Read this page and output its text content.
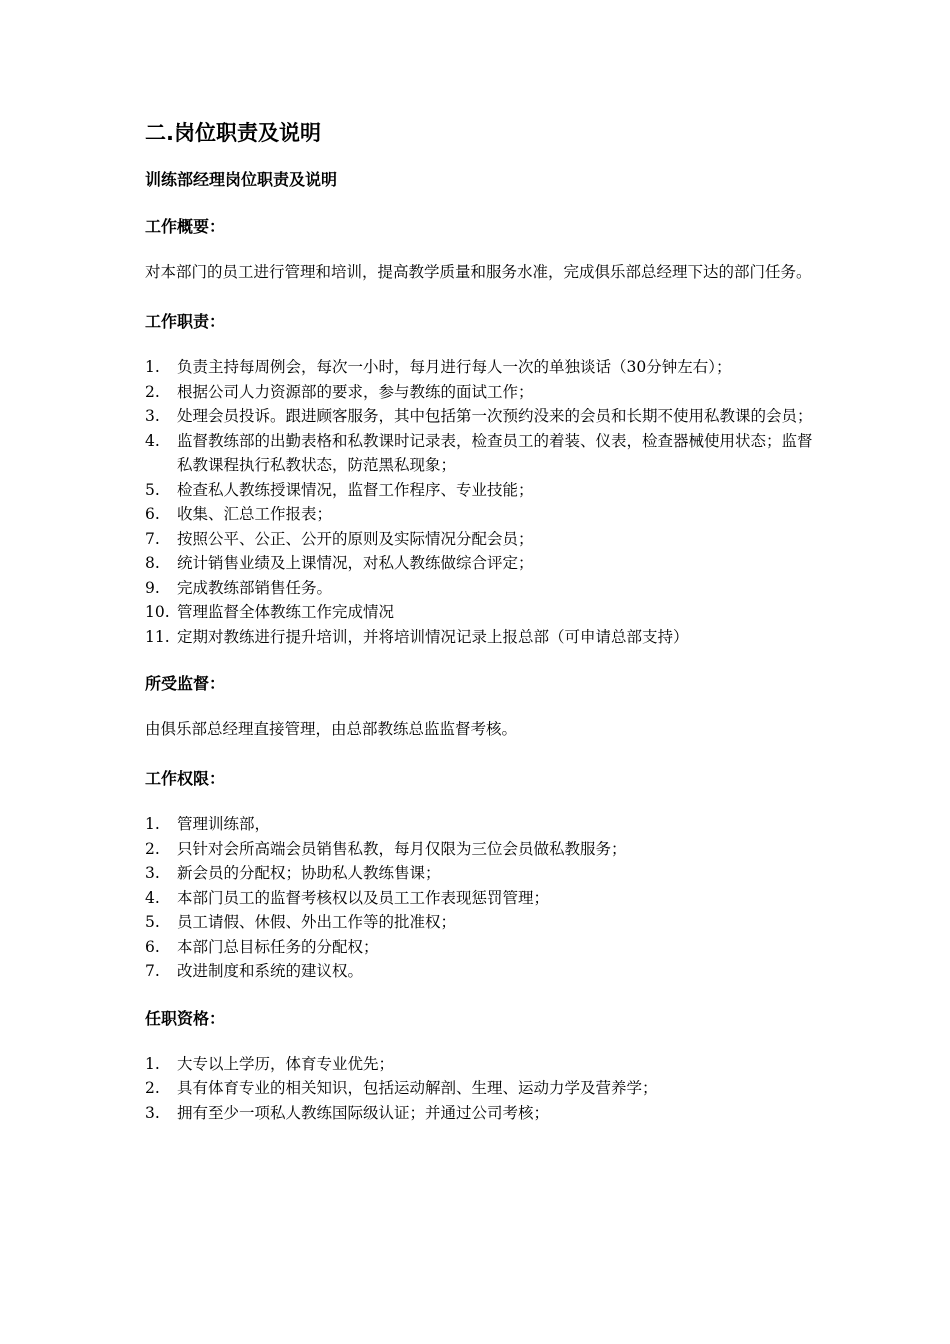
二.岗位职责及说明
训练部经理岗位职责及说明
工作概要：
对本部门的员工进行管理和培训，提高教学质量和服务水准，完成俱乐部总经理下达的部门任务。
工作职责：
1.	负责主持每周例会，每次一小时，每月进行每人一次的单独谈话（30分钟左右）；
2.	根据公司人力资源部的要求，参与教练的面试工作；
3.	处理会员投诉。跟进顾客服务，其中包括第一次预约没来的会员和长期不使用私教课的会员；
4.	监督教练部的出勤表格和私教课时记录表，检查员工的着装、仪表，检查器械使用状态；监督私教课程执行私教状态，防范黑私现象；
5.	检查私人教练授课情况，监督工作程序、专业技能；
6.	收集、汇总工作报表；
7.	按照公平、公正、公开的原则及实际情况分配会员；
8.	统计销售业绩及上课情况，对私人教练做综合评定；
9.	完成教练部销售任务。
10. 管理监督全体教练工作完成情况
11. 定期对教练进行提升培训，并将培训情况记录上报总部（可申请总部支持）
所受监督：
由俱乐部总经理直接管理，由总部教练总监监督考核。
工作权限：
1.	管理训练部，
2.	只针对会所高端会员销售私教，每月仅限为三位会员做私教服务；
3.	新会员的分配权；协助私人教练售课；
4.	本部门员工的监督考核权以及员工工作表现惩罚管理；
5.	员工请假、休假、外出工作等的批准权；
6.	本部门总目标任务的分配权；
7.	改进制度和系统的建议权。
任职资格：
1.	大专以上学历，体育专业优先；
2.	具有体育专业的相关知识，包括运动解剖、生理、运动力学及营养学；
3.	拥有至少一项私人教练国际级认证；并通过公司考核；
